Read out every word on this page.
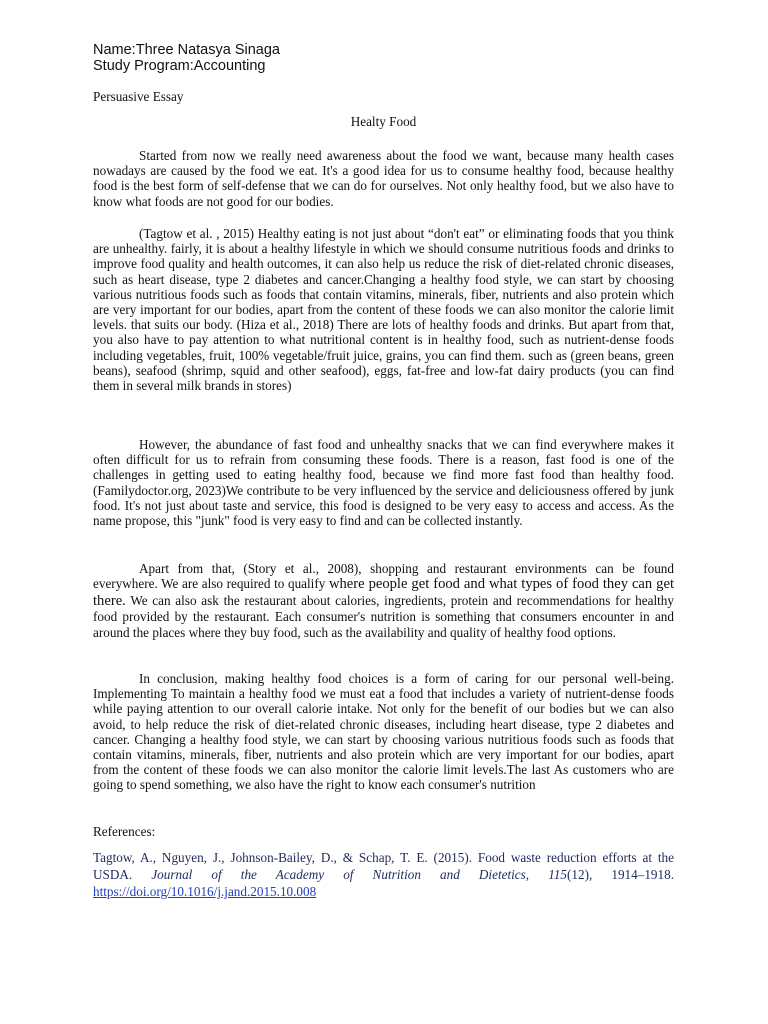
Name:Three Natasya Sinaga
Study Program:Accounting
Persuasive Essay
Healty Food

Started from now we really need awareness about the food we want, because many health cases nowadays are caused by the food we eat. It's a good idea for us to consume healthy food, because healthy food is the best form of self-defense that we can do for ourselves. Not only healthy food, but we also have to know what foods are not good for our bodies.

(Tagtow et al. , 2015) Healthy eating is not just about “don't eat” or eliminating foods that you think are unhealthy. fairly, it is about a healthy lifestyle in which we should consume nutritious foods and drinks to improve food quality and health outcomes, it can also help us reduce the risk of diet-related chronic diseases, such as heart disease, type 2 diabetes and cancer.Changing a healthy food style, we can start by choosing various nutritious foods such as foods that contain vitamins, minerals, fiber, nutrients and also protein which are very important for our bodies, apart from the content of these foods we can also monitor the calorie limit levels. that suits our body. (Hiza et al., 2018) There are lots of healthy foods and drinks. But apart from that, you also have to pay attention to what nutritional content is in healthy food, such as nutrient-dense foods including vegetables, fruit, 100% vegetable/fruit juice, grains, you can find them. such as (green beans, green beans), seafood (shrimp, squid and other seafood), eggs, fat-free and low-fat dairy products (you can find them in several milk brands in stores)

However, the abundance of fast food and unhealthy snacks that we can find everywhere makes it often difficult for us to refrain from consuming these foods. There is a reason, fast food is one of the challenges in getting used to eating healthy food, because we find more fast food than healthy food. (Familydoctor.org, 2023)We contribute to be very influenced by the service and deliciousness offered by junk food. It's not just about taste and service, this food is designed to be very easy to access and access. As the name propose, this "junk" food is very easy to find and can be collected instantly.

Apart from that, (Story et al., 2008), shopping and restaurant environments can be found everywhere. We are also required to qualify where people get food and what types of food they can get there. We can also ask the restaurant about calories, ingredients, protein and recommendations for healthy food provided by the restaurant. Each consumer's nutrition is something that consumers encounter in and around the places where they buy food, such as the availability and quality of healthy food options.

In conclusion, making healthy food choices is a form of caring for our personal well-being. Implementing To maintain a healthy food we must eat a food that includes a variety of nutrient-dense foods while paying attention to our overall calorie intake. Not only for the benefit of our bodies but we can also avoid, to help reduce the risk of diet-related chronic diseases, including heart disease, type 2 diabetes and cancer. Changing a healthy food style, we can start by choosing various nutritious foods such as foods that contain vitamins, minerals, fiber, nutrients and also protein which are very important for our bodies, apart from the content of these foods we can also monitor the calorie limit levels.The last As customers who are going to spend something, we also have the right to know each consumer's nutrition

References:

Tagtow, A., Nguyen, J., Johnson-Bailey, D., & Schap, T. E. (2015). Food waste reduction efforts at the USDA. Journal of the Academy of Nutrition and Dietetics, 115(12), 1914–1918. https://doi.org/10.1016/j.jand.2015.10.008
